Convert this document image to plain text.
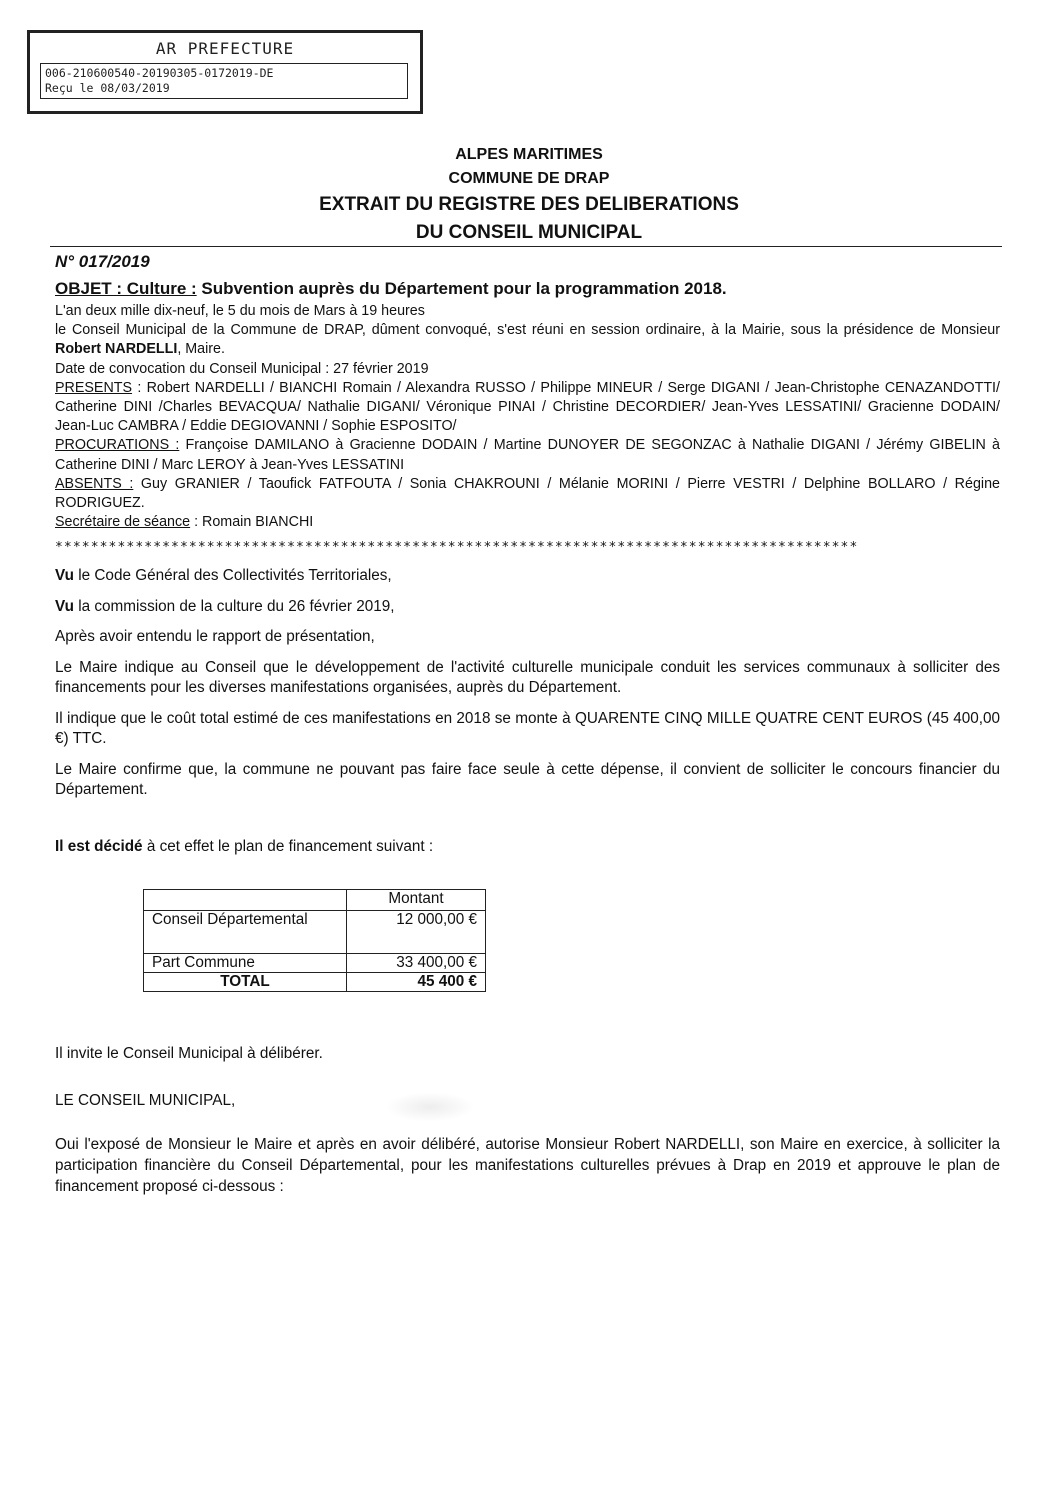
AR PREFECTURE
006-210600540-20190305-0172019-DE
Reçu le 08/03/2019
ALPES MARITIMES
COMMUNE DE DRAP
EXTRAIT DU REGISTRE DES DELIBERATIONS
DU CONSEIL MUNICIPAL
N° 017/2019
OBJET : Culture : Subvention auprès du Département pour la programmation 2018.

L'an deux mille dix-neuf, le 5 du mois de Mars à 19 heures

le Conseil Municipal de la Commune de DRAP, dûment convoqué, s'est réuni en session ordinaire, à la Mairie, sous la présidence de Monsieur Robert NARDELLI, Maire.

Date de convocation du Conseil Municipal : 27 février 2019

PRESENTS : Robert NARDELLI / BIANCHI Romain / Alexandra RUSSO / Philippe MINEUR / Serge DIGANI / Jean-Christophe CENAZANDOTTI/ Catherine DINI /Charles BEVACQUA/ Nathalie DIGANI/ Véronique PINAI / Christine DECORDIER/ Jean-Yves LESSATINI/ Gracienne DODAIN/ Jean-Luc CAMBRA / Eddie DEGIOVANNI / Sophie ESPOSITO/

PROCURATIONS : Françoise DAMILANO à Gracienne DODAIN / Martine DUNOYER DE SEGONZAC à Nathalie DIGANI / Jérémy GIBELIN à Catherine DINI / Marc LEROY à Jean-Yves LESSATINI

ABSENTS : Guy GRANIER / Taoufick FATFOUTA / Sonia CHAKROUNI / Mélanie MORINI / Pierre VESTRI / Delphine BOLLARO / Régine RODRIGUEZ.

Secrétaire de séance : Romain BIANCHI

******************************************************************************************

Vu le Code Général des Collectivités Territoriales,

Vu la commission de la culture du 26 février 2019,

Après avoir entendu le rapport de présentation,

Le Maire indique au Conseil que le développement de l'activité culturelle municipale conduit les services communaux à solliciter des financements pour les diverses manifestations organisées, auprès du Département.

Il indique que le coût total estimé de ces manifestations en 2018 se monte à QUARENTE CINQ MILLE QUATRE CENT EUROS (45 400,00 €) TTC.

Le Maire confirme que, la commune ne pouvant pas faire face seule à cette dépense, il convient de solliciter le concours financier du Département.

Il est décidé à cet effet le plan de financement suivant :
	Montant
Conseil Départemental	12 000,00 €
Part Commune	33 400,00 €
TOTAL	45 400 €
Il invite le Conseil Municipal à délibérer.
LE CONSEIL MUNICIPAL,
Oui l'exposé de Monsieur le Maire et après en avoir délibéré, autorise Monsieur Robert NARDELLI, son Maire en exercice, à solliciter la participation financière du Conseil Départemental, pour les manifestations culturelles prévues à Drap en 2019 et approuve le plan de financement proposé ci-dessous :
